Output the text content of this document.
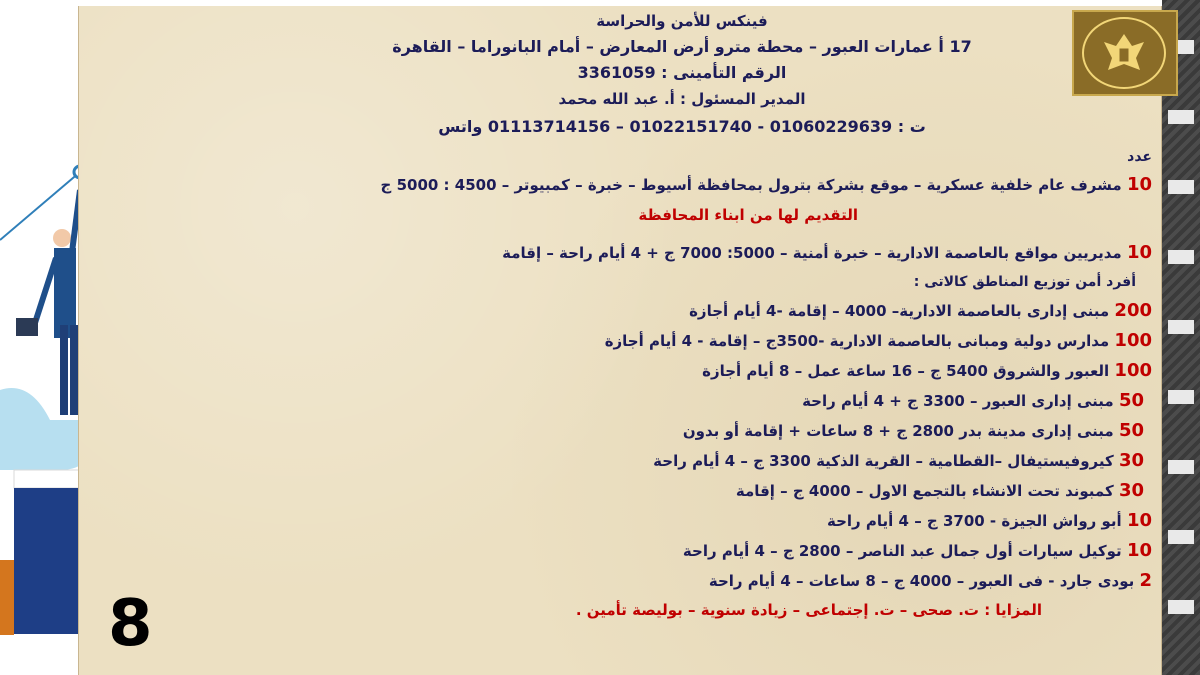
فينكس للأمن والحراسة
17 أ عمارات العبور – محطة مترو أرض المعارض – أمام البانوراما – القاهرة
الرقم التأمينى : 3361059
المدير المسئول : أ. عبد الله محمد
ت : 01060229639 - 01022151740 – 01113714156 واتس
عدد
10 مشرف عام خلفية عسكرية – موقع بشركة بترول بمحافظة أسيوط – خبرة – كمبيوتر – 4500 : 5000 ج
التقديم لها من ابناء المحافظة
10 مديريين مواقع بالعاصمة الادارية – خبرة أمنية – 5000: 7000 ج + 4 أيام راحة – إقامة
أفرد أمن توزيع المناطق كالاتى :
200 مبنى إدارى بالعاصمة الادارية– 4000 – إقامة -4 أيام أجازة
100 مدارس دولية ومبانى بالعاصمة الادارية -3500ج – إقامة - 4 أيام أجازة
100 العبور والشروق 5400 ج – 16 ساعة عمل – 8 أيام أجازة
50 مبنى إدارى العبور – 3300 ج + 4 أيام راحة
50 مبنى إدارى مدينة بدر 2800 ج + 8 ساعات + إقامة أو بدون
30 كيروفيستيفال –القطامية – القرية الذكية 3300 ج – 4 أيام راحة
30 كمبوند تحت الانشاء بالتجمع الاول – 4000 ج – إقامة
10 أبو رواش الجيزة - 3700 ج – 4 أيام راحة
10 توكيل سيارات أول جمال عبد الناصر – 2800 ج – 4 أيام راحة
2 بودى جارد - فى العبور – 4000 ج – 8 ساعات – 4 أيام راحة
المزايا : ت. صحى – ت. إجتماعى – زيادة سنوية – بوليصة تأمين .
8
